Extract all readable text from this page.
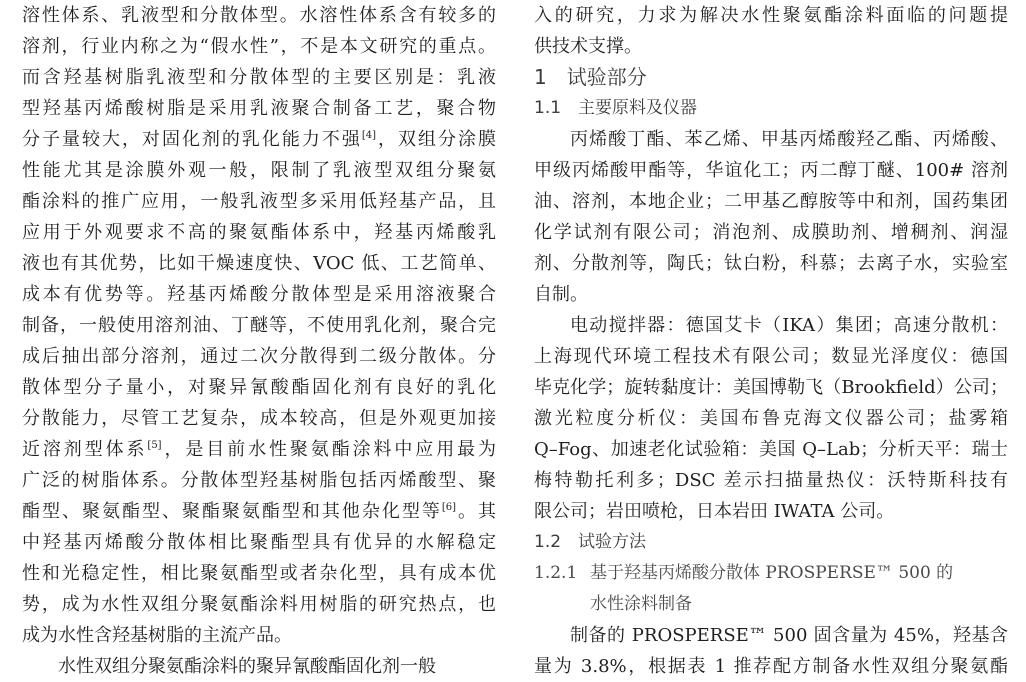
溶性体系、乳液型和分散体型。水溶性体系含有较多的
溶剂，行业内称之为“假水性”，不是本文研究的重点。
而含羟基树脂乳液型和分散体型的主要区别是：乳液
型羟基丙烯酸树脂是采用乳液聚合制备工艺，聚合物
分子量较大，对固化剂的乳化能力不强[4]，双组分涂膜
性能尤其是涂膜外观一般，限制了乳液型双组分聚氨
酯涂料的推广应用，一般乳液型多采用低羟基产品，且
应用于外观要求不高的聚氨酯体系中，羟基丙烯酸乳
液也有其优势，比如干燥速度快、VOC 低、工艺简单、
成本有优势等。羟基丙烯酸分散体型是采用溶液聚合
制备，一般使用溶剂油、丁醚等，不使用乳化剂，聚合完
成后抽出部分溶剂，通过二次分散得到二级分散体。分
散体型分子量小，对聚异氰酸酯固化剂有良好的乳化
分散能力，尽管工艺复杂，成本较高，但是外观更加接
近溶剂型体系[5]，是目前水性聚氨酯涂料中应用最为
广泛的树脂体系。分散体型羟基树脂包括丙烯酸型、聚
酯型、聚氨酯型、聚酯聚氨酯型和其他杂化型等[6]。其
中羟基丙烯酸分散体相比聚酯型具有优异的水解稳定
性和光稳定性，相比聚氨酯型或者杂化型，具有成本优
势，成为水性双组分聚氨酯涂料用树脂的研究热点，也
成为水性含羟基树脂的主流产品。
水性双组分聚氨酯涂料的聚异氰酸酯固化剂一般
入的研究，力求为解决水性聚氨酯涂料面临的问题提
供技术支撑。
1　试验部分
1.1　主要原料及仪器
丙烯酸丁酯、苯乙烯、甲基丙烯酸羟乙酯、丙烯酸、
甲级丙烯酸甲酯等，华谊化工；丙二醇丁醚、100# 溶剂
油、溶剂，本地企业；二甲基乙醇胺等中和剂，国药集团
化学试剂有限公司；消泡剂、成膜助剂、增稠剂、润湿
剂、分散剂等，陶氏；钛白粉，科慕；去离子水，实验室
自制。
电动搅拌器：德国艾卡（IKA）集团；高速分散机：
上海现代环境工程技术有限公司；数显光泽度仪：德国
毕克化学；旋转黏度计：美国博勒飞（Brookfield）公司；
激光粒度分析仪：美国布鲁克海文仪器公司；盐雾箱
Q–Fog、加速老化试验箱：美国 Q–Lab；分析天平：瑞士
梅特勒托利多；DSC 差示扫描量热仪：沃特斯科技有
限公司；岩田喷枪，日本岩田 IWATA 公司。
1.2　试验方法
1.2.1 基于羟基丙烯酸分散体 PROSPERSE™ 500 的
水性涂料制备
制备的 PROSPERSE™ 500 固含量为 45%，羟基含
量为 3.8%，根据表 1 推荐配方制备水性双组分聚氨酯
